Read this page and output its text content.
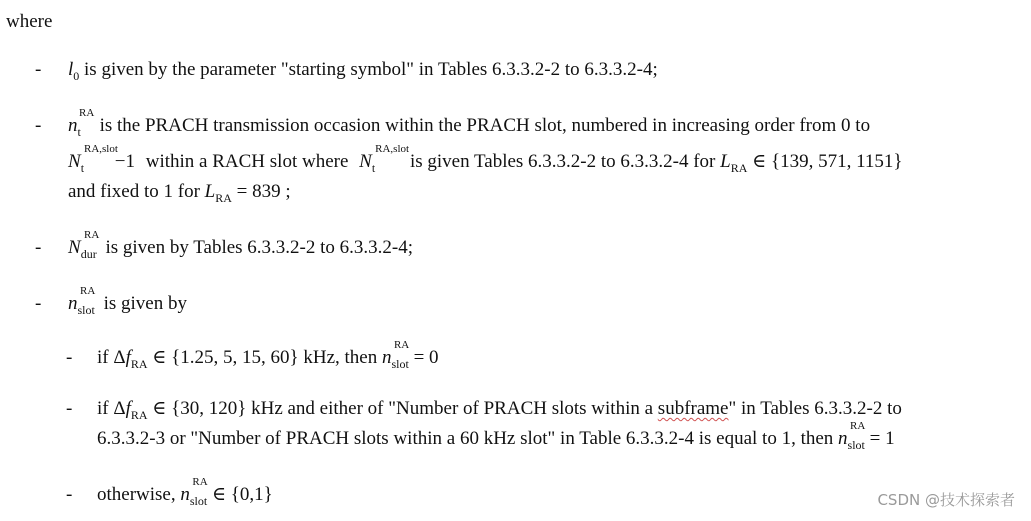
where
- $l_0$ is given by the parameter "starting symbol" in Tables 6.3.3.2-2 to 6.3.3.2-4;
- $n_t$
RA
is the PRACH transmission occasion within the PRACH slot, numbered in increasing order from 0 to
$N_t$
RA,slot
−1 within a RACH slot where $N_t$
RA,slot
is given Tables 6.3.3.2-2 to 6.3.3.2-4 for $L_{RA}$ ∈ {139, 571, 1151}
and fixed to 1 for $L_{RA} = 839$ ;
- $N_{dur}$
RA
is given by Tables 6.3.3.2-2 to 6.3.3.2-4;
- $n_{slot}$
RA
is given by
- if $\Delta f_{RA}$ ∈ {1.25, 5, 15, 60} kHz, then $n_{slot}$
RA
= 0
- if $\Delta f_{RA}$ ∈ {30, 120} kHz and either of "Number of PRACH slots within a subframe" in Tables 6.3.3.2-2 to
6.3.3.2-3 or "Number of PRACH slots within a 60 kHz slot" in Table 6.3.3.2-4 is equal to 1, then $n_{slot}$
RA
= 1
- otherwise, $n_{slot}$
RA
∈ {0,1}	CSDN @技术探索者
